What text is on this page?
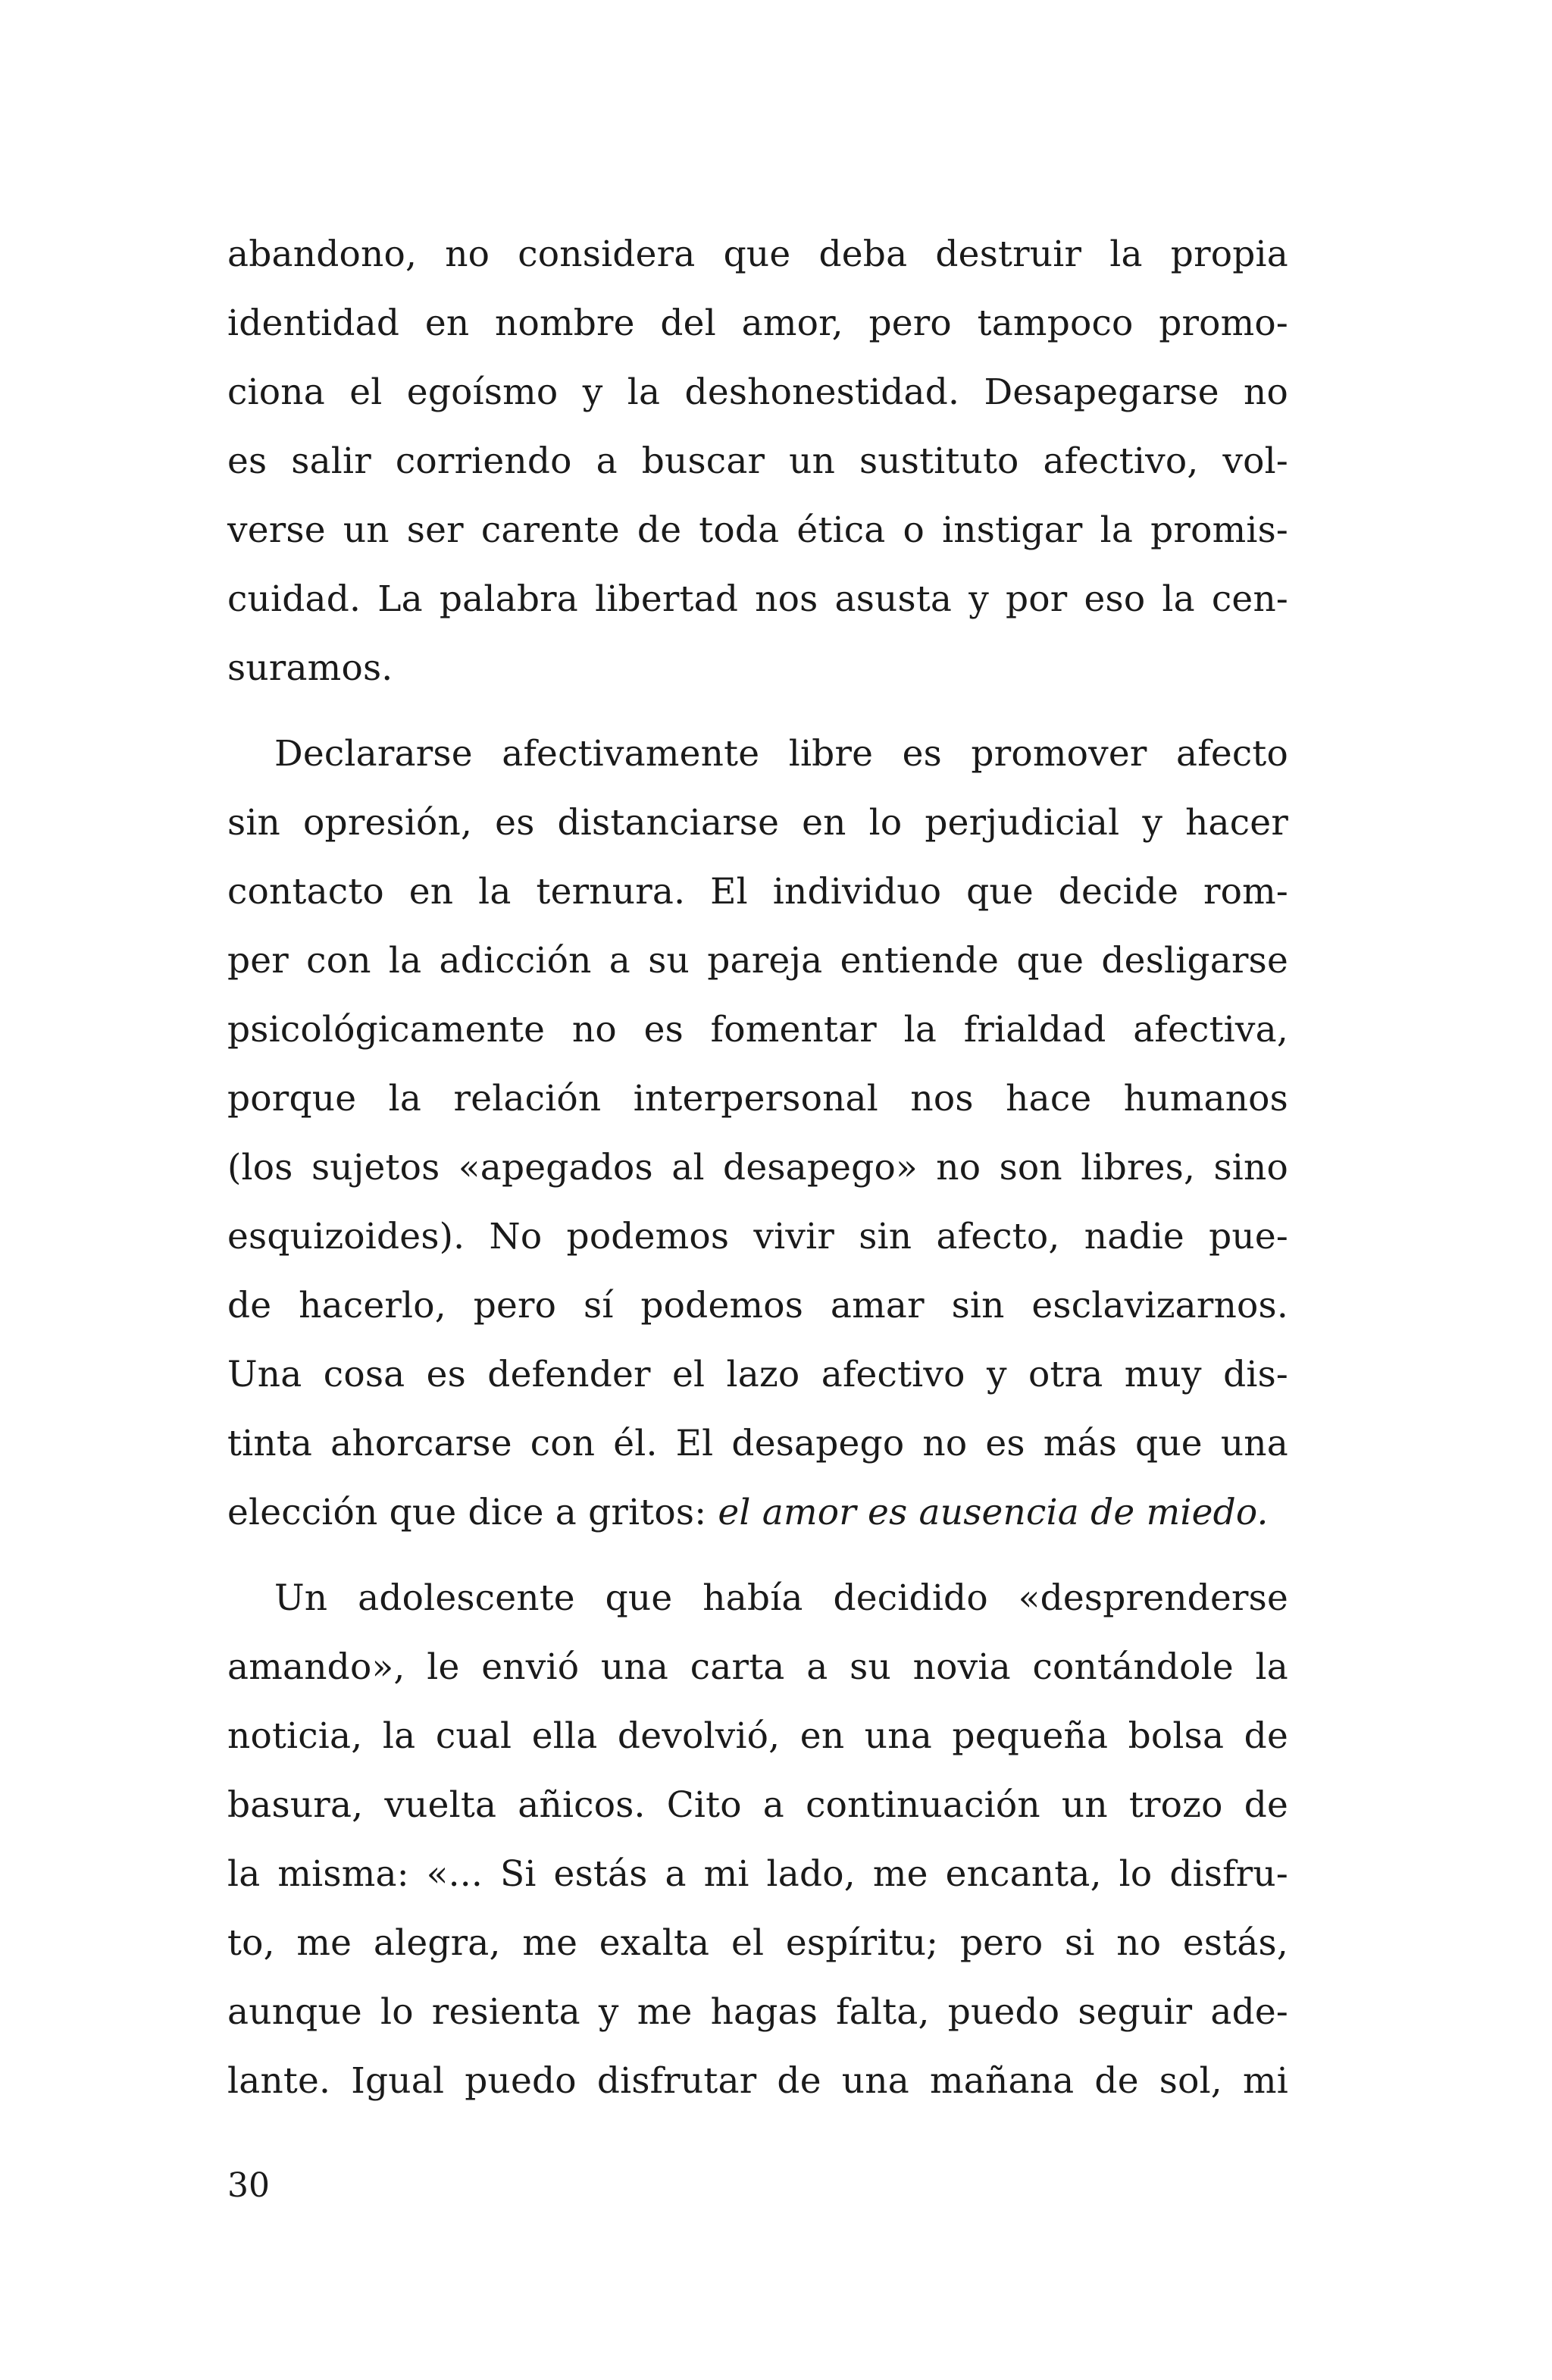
abandono, no considera que deba destruir la propia
identidad en nombre del amor, pero tampoco promo-
ciona el egoísmo y la deshonestidad. Desapegarse no
es salir corriendo a buscar un sustituto afectivo, vol-
verse un ser carente de toda ética o instigar la promis-
cuidad. La palabra libertad nos asusta y por eso la cen-
suramos.
Declararse afectivamente libre es promover afecto
sin opresión, es distanciarse en lo perjudicial y hacer
contacto en la ternura. El individuo que decide rom-
per con la adicción a su pareja entiende que desligarse
psicológicamente no es fomentar la frialdad afectiva,
porque la relación interpersonal nos hace humanos
(los sujetos «apegados al desapego» no son libres, sino
esquizoides). No podemos vivir sin afecto, nadie pue-
de hacerlo, pero sí podemos amar sin esclavizarnos.
Una cosa es defender el lazo afectivo y otra muy dis-
tinta ahorcarse con él. El desapego no es más que una
elección que dice a gritos: el amor es ausencia de miedo.
Un adolescente que había decidido «desprenderse
amando», le envió una carta a su novia contándole la
noticia, la cual ella devolvió, en una pequeña bolsa de
basura, vuelta añicos. Cito a continuación un trozo de
la misma: «... Si estás a mi lado, me encanta, lo disfru-
to, me alegra, me exalta el espíritu; pero si no estás,
aunque lo resienta y me hagas falta, puedo seguir ade-
lante. Igual puedo disfrutar de una mañana de sol, mi
30
